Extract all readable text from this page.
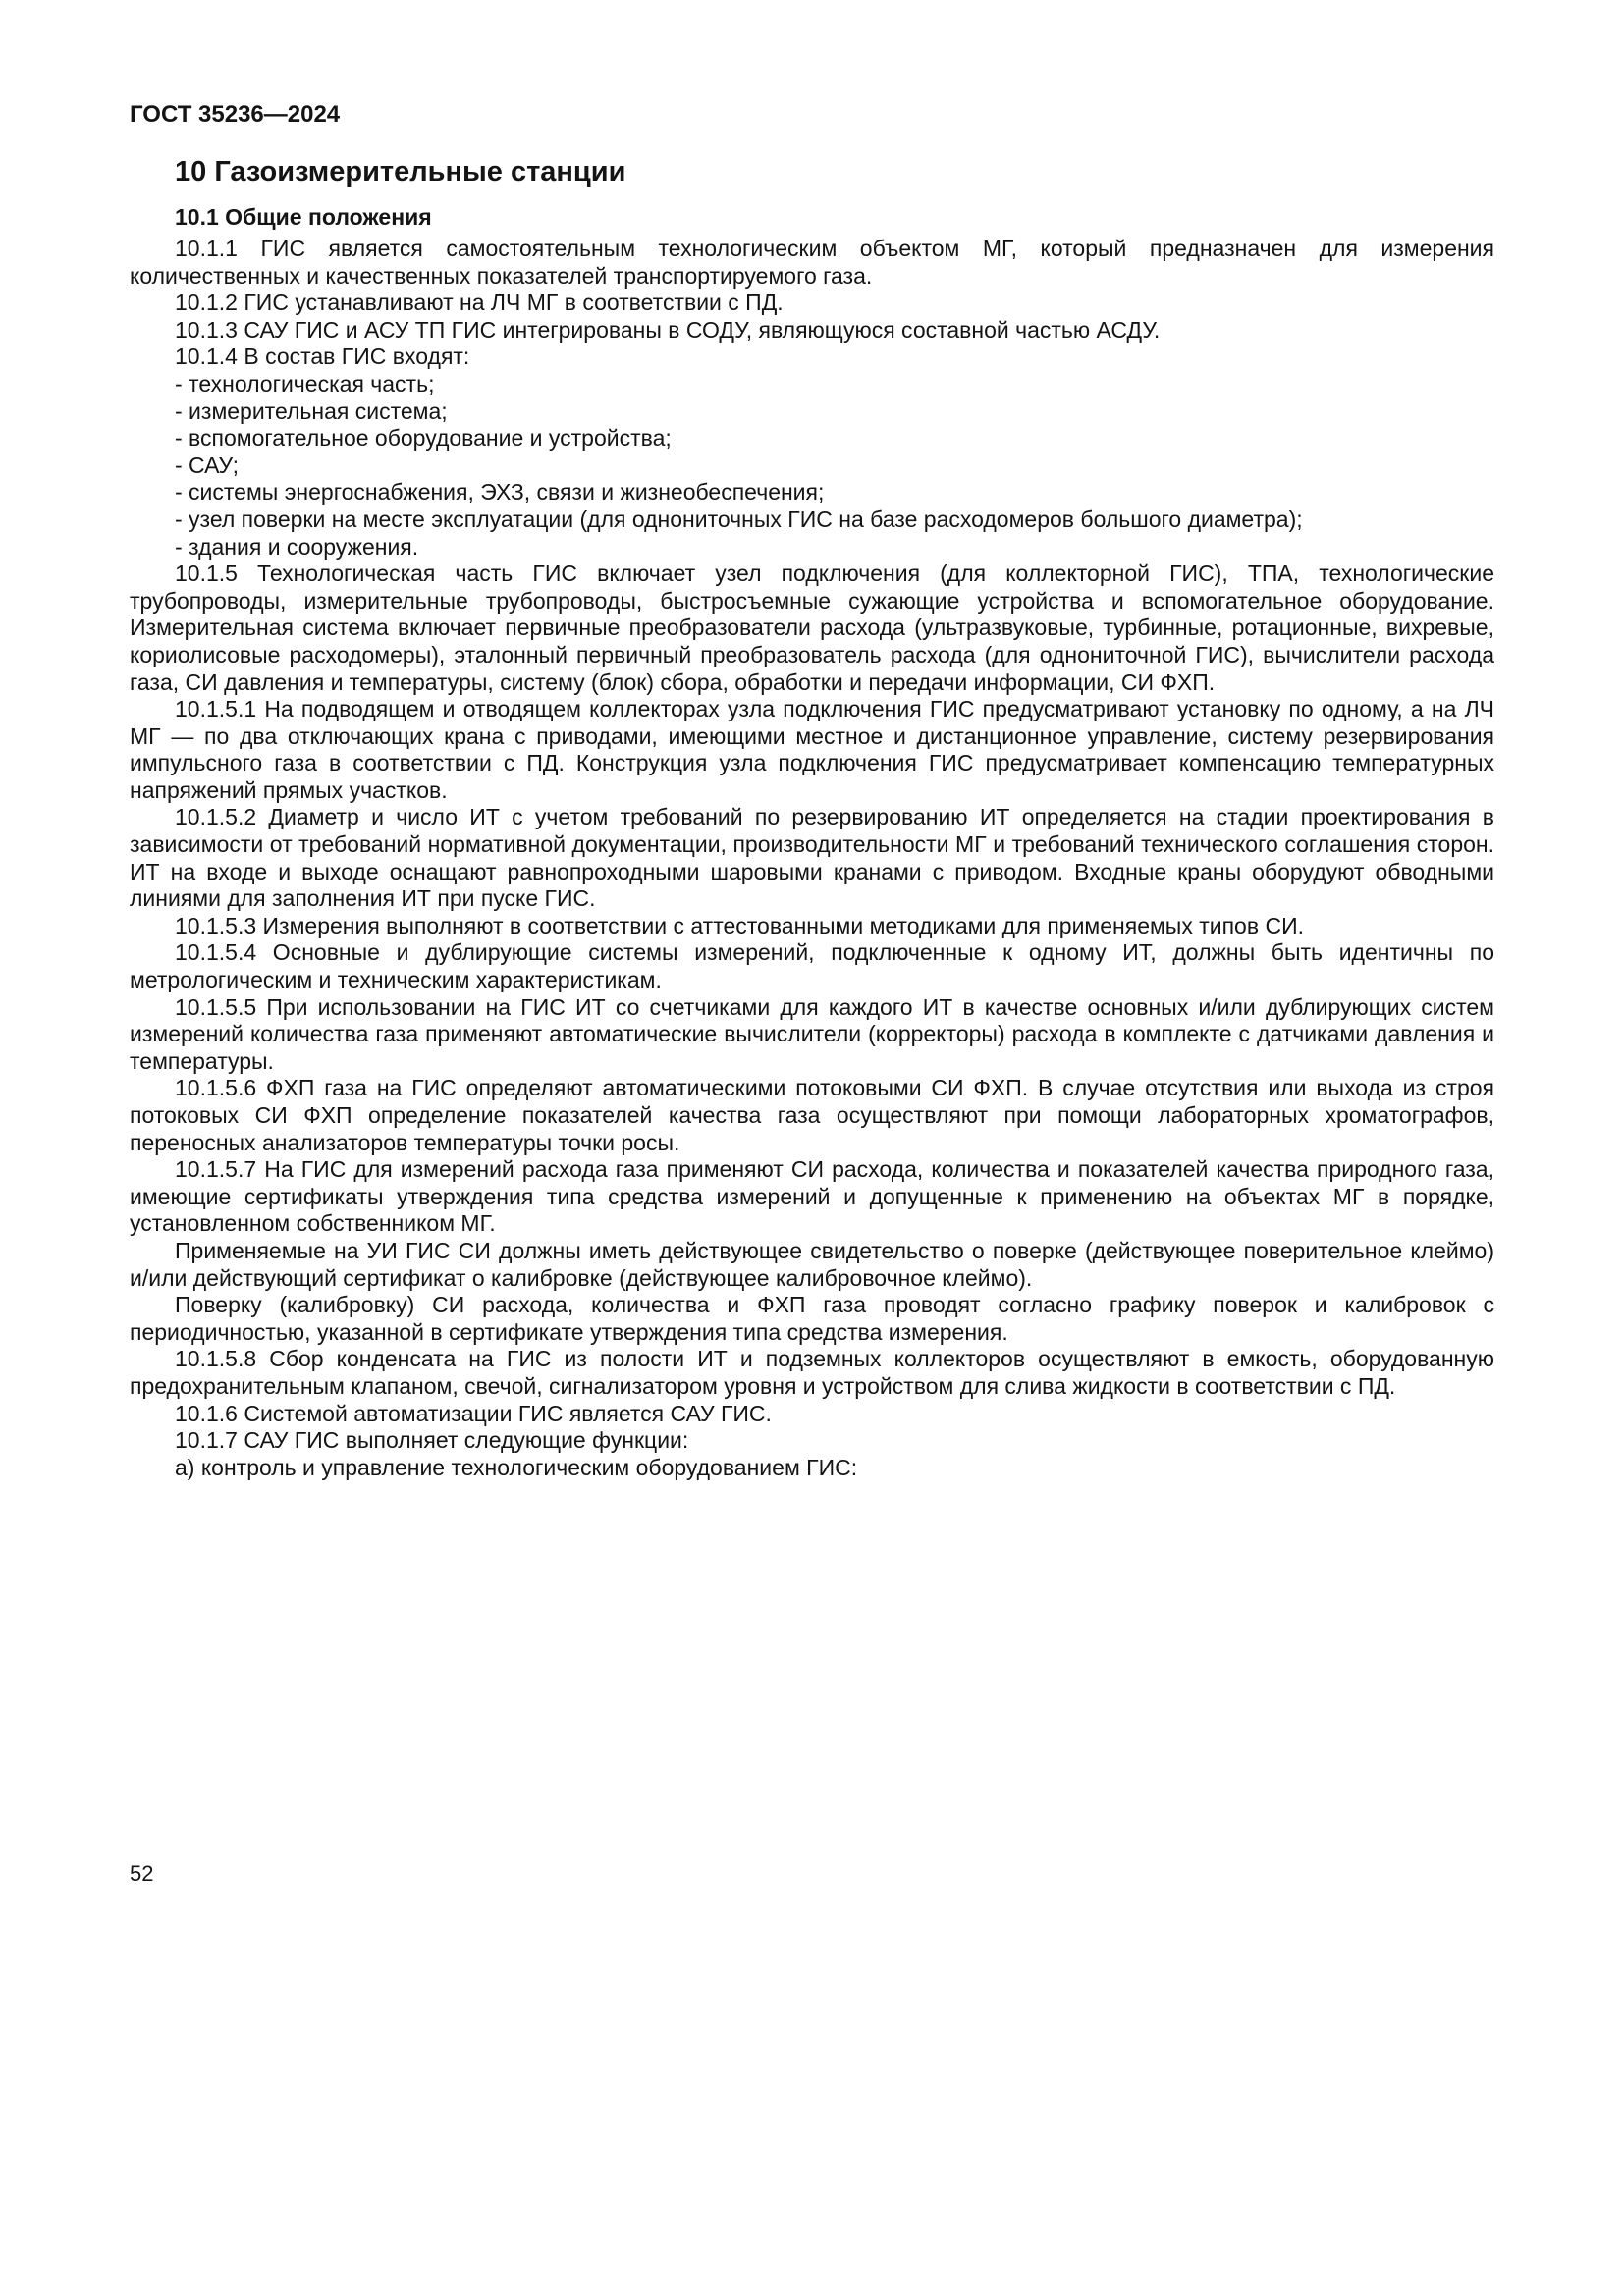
ГОСТ 35236—2024
10 Газоизмерительные станции
10.1 Общие положения

10.1.1 ГИС является самостоятельным технологическим объектом МГ, который предназначен для измерения количественных и качественных показателей транспортируемого газа.

10.1.2 ГИС устанавливают на ЛЧ МГ в соответствии с ПД.

10.1.3 САУ ГИС и АСУ ТП ГИС интегрированы в СОДУ, являющуюся составной частью АСДУ.

10.1.4 В состав ГИС входят:

- технологическая часть;

- измерительная система;

- вспомогательное оборудование и устройства;

- САУ;

- системы энергоснабжения, ЭХЗ, связи и жизнеобеспечения;

- узел поверки на месте эксплуатации (для однониточных ГИС на базе расходомеров большого диаметра);

- здания и сооружения.

10.1.5 Технологическая часть ГИС включает узел подключения (для коллекторной ГИС), ТПА, технологические трубопроводы, измерительные трубопроводы, быстросъемные сужающие устройства и вспомогательное оборудование. Измерительная система включает первичные преобразователи расхода (ультразвуковые, турбинные, ротационные, вихревые, кориолисовые расходомеры), эталонный первичный преобразователь расхода (для однониточной ГИС), вычислители расхода газа, СИ давления и температуры, систему (блок) сбора, обработки и передачи информации, СИ ФХП.

10.1.5.1 На подводящем и отводящем коллекторах узла подключения ГИС предусматривают установку по одному, а на ЛЧ МГ — по два отключающих крана с приводами, имеющими местное и дистанционное управление, систему резервирования импульсного газа в соответствии с ПД. Конструкция узла подключения ГИС предусматривает компенсацию температурных напряжений прямых участков.

10.1.5.2 Диаметр и число ИТ с учетом требований по резервированию ИТ определяется на стадии проектирования в зависимости от требований нормативной документации, производительности МГ и требований технического соглашения сторон. ИТ на входе и выходе оснащают равнопроходными шаровыми кранами с приводом. Входные краны оборудуют обводными линиями для заполнения ИТ при пуске ГИС.

10.1.5.3 Измерения выполняют в соответствии с аттестованными методиками для применяемых типов СИ.

10.1.5.4 Основные и дублирующие системы измерений, подключенные к одному ИТ, должны быть идентичны по метрологическим и техническим характеристикам.

10.1.5.5 При использовании на ГИС ИТ со счетчиками для каждого ИТ в качестве основных и/или дублирующих систем измерений количества газа применяют автоматические вычислители (корректоры) расхода в комплекте с датчиками давления и температуры.

10.1.5.6 ФХП газа на ГИС определяют автоматическими потоковыми СИ ФХП. В случае отсутствия или выхода из строя потоковых СИ ФХП определение показателей качества газа осуществляют при помощи лабораторных хроматографов, переносных анализаторов температуры точки росы.

10.1.5.7 На ГИС для измерений расхода газа применяют СИ расхода, количества и показателей качества природного газа, имеющие сертификаты утверждения типа средства измерений и допущенные к применению на объектах МГ в порядке, установленном собственником МГ.

Применяемые на УИ ГИС СИ должны иметь действующее свидетельство о поверке (действующее поверительное клеймо) и/или действующий сертификат о калибровке (действующее калибровочное клеймо).

Поверку (калибровку) СИ расхода, количества и ФХП газа проводят согласно графику поверок и калибровок с периодичностью, указанной в сертификате утверждения типа средства измерения.

10.1.5.8 Сбор конденсата на ГИС из полости ИТ и подземных коллекторов осуществляют в емкость, оборудованную предохранительным клапаном, свечой, сигнализатором уровня и устройством для слива жидкости в соответствии с ПД.

10.1.6 Системой автоматизации ГИС является САУ ГИС.

10.1.7 САУ ГИС выполняет следующие функции:

а) контроль и управление технологическим оборудованием ГИС:

52
